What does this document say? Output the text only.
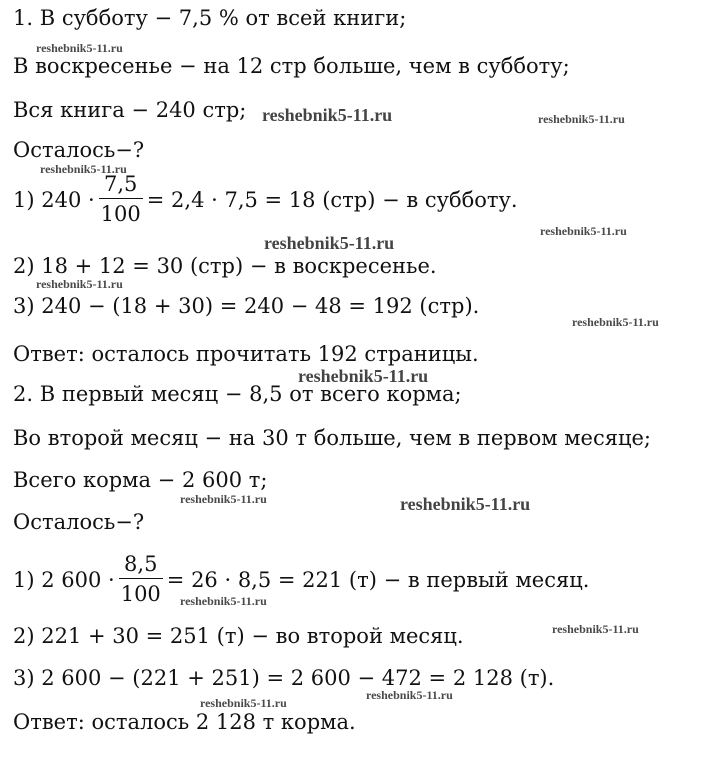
1. В субботу − 7,5 % от всей книги;
В воскресенье − на 12 стр больше, чем в субботу;
Вся книга − 240 стр;
Осталось−?
1) $240 \cdot \frac{7,5}{100} = 2,4 \cdot 7,5 = 18$ (стр) − в субботу.
2) 18 + 12 = 30 (стр) − в воскресенье.
3) 240 − (18 + 30) = 240 − 48 = 192 (стр).
Ответ: осталось прочитать 192 страницы.
2. В первый месяц − 8,5 от всего корма;
Во второй месяц − на 30 т больше, чем в первом месяце;
Всего корма − 2 600 т;
Осталось−?
1) 2 $600 \cdot \frac{8,5}{100} = 26 \cdot 8,5 = 221$ (т) − в первый месяц.
2) 221 + 30 = 251 (т) − во второй месяц.
3) 2 600 − (221 + 251) = 2 600 − 472 = 2 128 (т).
Ответ: осталось 2 128 т корма.
reshebnik5-11.ru
reshebnik5-11.ru	reshebnik5-11.ru
reshebnik5-11.ru
reshebnik5-11.ru
reshebnik5-11.ru
reshebnik5-11.ru
reshebnik5-11.ru
reshebnik5-11.ru
reshebnik5-11.ru	reshebnik5-11.ru
reshebnik5-11.ru
reshebnik5-11.ru
reshebnik5-11.ru
reshebnik5-11.ru
